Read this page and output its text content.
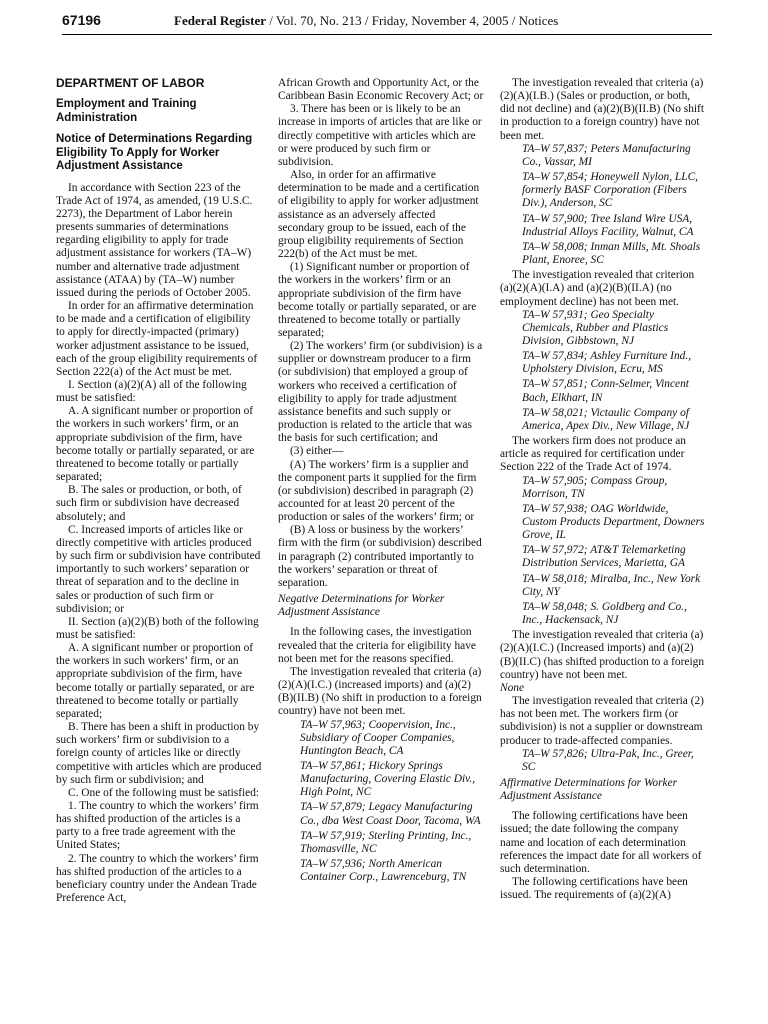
67196	Federal Register / Vol. 70, No. 213 / Friday, November 4, 2005 / Notices

DEPARTMENT OF LABOR

Employment and Training Administration

Notice of Determinations Regarding Eligibility To Apply for Worker Adjustment Assistance

In accordance with Section 223 of the Trade Act of 1974, as amended, (19 U.S.C. 2273), the Department of Labor herein presents summaries of determinations regarding eligibility to apply for trade adjustment assistance for workers (TA–W) number and alternative trade adjustment assistance (ATAA) by (TA–W) number issued during the periods of October 2005.

In order for an affirmative determination to be made and a certification of eligibility to apply for directly-impacted (primary) worker adjustment assistance to be issued, each of the group eligibility requirements of Section 222(a) of the Act must be met.

I. Section (a)(2)(A) all of the following must be satisfied:

A. A significant number or proportion of the workers in such workers’ firm, or an appropriate subdivision of the firm, have become totally or partially separated, or are threatened to become totally or partially separated;

B. The sales or production, or both, of such firm or subdivision have decreased absolutely; and

C. Increased imports of articles like or directly competitive with articles produced by such firm or subdivision have contributed importantly to such workers’ separation or threat of separation and to the decline in sales or production of such firm or subdivision; or

II. Section (a)(2)(B) both of the following must be satisfied:

A. A significant number or proportion of the workers in such workers’ firm, or an appropriate subdivision of the firm, have become totally or partially separated, or are threatened to become totally or partially separated;

B. There has been a shift in production by such workers’ firm or subdivision to a foreign county of articles like or directly competitive with articles which are produced by such firm or subdivision; and

C. One of the following must be satisfied:

1. The country to which the workers’ firm has shifted production of the articles is a party to a free trade agreement with the United States;

2. The country to which the workers’ firm has shifted production of the articles to a beneficiary country under the Andean Trade Preference Act,

African Growth and Opportunity Act, or the Caribbean Basin Economic Recovery Act; or

3. There has been or is likely to be an increase in imports of articles that are like or directly competitive with articles which are or were produced by such firm or subdivision.

Also, in order for an affirmative determination to be made and a certification of eligibility to apply for worker adjustment assistance as an adversely affected secondary group to be issued, each of the group eligibility requirements of Section 222(b) of the Act must be met.

(1) Significant number or proportion of the workers in the workers’ firm or an appropriate subdivision of the firm have become totally or partially separated, or are threatened to become totally or partially separated;

(2) The workers’ firm (or subdivision) is a supplier or downstream producer to a firm (or subdivision) that employed a group of workers who received a certification of eligibility to apply for trade adjustment assistance benefits and such supply or production is related to the article that was the basis for such certification; and

(3) either—

(A) The workers’ firm is a supplier and the component parts it supplied for the firm (or subdivision) described in paragraph (2) accounted for at least 20 percent of the production or sales of the workers’ firm; or

(B) A loss or business by the workers’ firm with the firm (or subdivision) described in paragraph (2) contributed importantly to the workers’ separation or threat of separation.

Negative Determinations for Worker Adjustment Assistance

In the following cases, the investigation revealed that the criteria for eligibility have not been met for the reasons specified.

The investigation revealed that criteria (a)(2)(A)(I.C.) (increased imports) and (a)(2)(B)(II.B) (No shift in production to a foreign country) have not been met.

TA–W 57,963; Coopervision, Inc., Subsidiary of Cooper Companies, Huntington Beach, CA

TA–W 57,861; Hickory Springs Manufacturing, Covering Elastic Div., High Point, NC

TA–W 57,879; Legacy Manufacturing Co., dba West Coast Door, Tacoma, WA

TA–W 57,919; Sterling Printing, Inc., Thomasville, NC

TA–W 57,936; North American Container Corp., Lawrenceburg, TN

The investigation revealed that criteria (a)(2)(A)(I.B.) (Sales or production, or both, did not decline) and (a)(2)(B)(II.B) (No shift in production to a foreign country) have not been met.

TA–W 57,837; Peters Manufacturing Co., Vassar, MI

TA–W 57,854; Honeywell Nylon, LLC, formerly BASF Corporation (Fibers Div.), Anderson, SC

TA–W 57,900; Tree Island Wire USA, Industrial Alloys Facility, Walnut, CA

TA–W 58,008; Inman Mills, Mt. Shoals Plant, Enoree, SC

The investigation revealed that criterion (a)(2)(A)(I.A) and (a)(2)(B)(II.A) (no employment decline) has not been met.

TA–W 57,931; Geo Specialty Chemicals, Rubber and Plastics Division, Gibbstown, NJ

TA–W 57,834; Ashley Furniture Ind., Upholstery Division, Ecru, MS

TA–W 57,851; Conn-Selmer, Vincent Bach, Elkhart, IN

TA–W 58,021; Victaulic Company of America, Apex Div., New Village, NJ

The workers firm does not produce an article as required for certification under Section 222 of the Trade Act of 1974.

TA–W 57,905; Compass Group, Morrison, TN

TA–W 57,938; OAG Worldwide, Custom Products Department, Downers Grove, IL

TA–W 57,972; AT&T Telemarketing Distribution Services, Marietta, GA

TA–W 58,018; Miralba, Inc., New York City, NY

TA–W 58,048; S. Goldberg and Co., Inc., Hackensack, NJ

The investigation revealed that criteria (a)(2)(A)(I.C.) (Increased imports) and (a)(2)(B)(II.C) (has shifted production to a foreign country) have not been met.

None

The investigation revealed that criteria (2) has not been met. The workers firm (or subdivision) is not a supplier or downstream producer to trade-affected companies.

TA–W 57,826; Ultra-Pak, Inc., Greer, SC

Affirmative Determinations for Worker Adjustment Assistance

The following certifications have been issued; the date following the company name and location of each determination references the impact date for all workers of such determination.

The following certifications have been issued. The requirements of (a)(2)(A)
